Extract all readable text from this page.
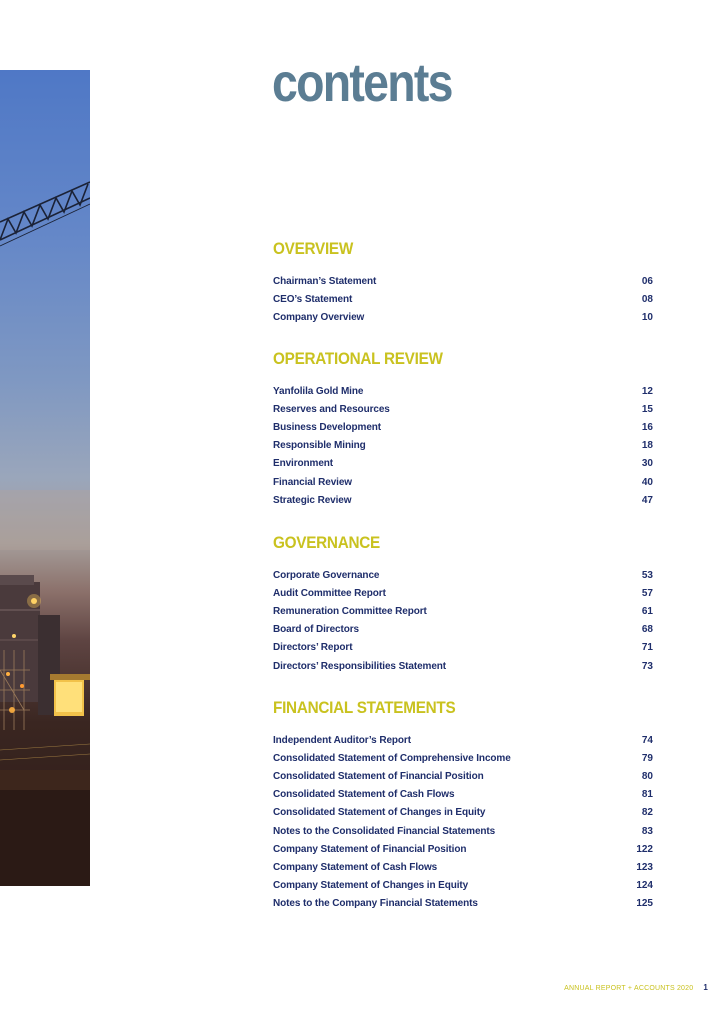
contents
OVERVIEW
Chairman’s Statement	06
CEO’s Statement	08
Company Overview	10
OPERATIONAL REVIEW
Yanfolila Gold Mine	12
Reserves and Resources	15
Business Development	16
Responsible Mining	18
Environment	30
Financial Review	40
Strategic Review	47
GOVERNANCE
Corporate Governance	53
Audit Committee Report	57
Remuneration Committee Report	61
Board of Directors	68
Directors’ Report	71
Directors’ Responsibilities Statement	73
FINANCIAL STATEMENTS
Independent Auditor’s Report	74
Consolidated Statement of Comprehensive Income	79
Consolidated Statement of Financial Position	80
Consolidated Statement of Cash Flows	81
Consolidated Statement of Changes in Equity	82
Notes to the Consolidated Financial Statements	83
Company Statement of Financial Position	122
Company Statement of Cash Flows	123
Company Statement of Changes in Equity	124
Notes to the Company Financial Statements	125
ANNUAL REPORT + ACCOUNTS 2020 1
